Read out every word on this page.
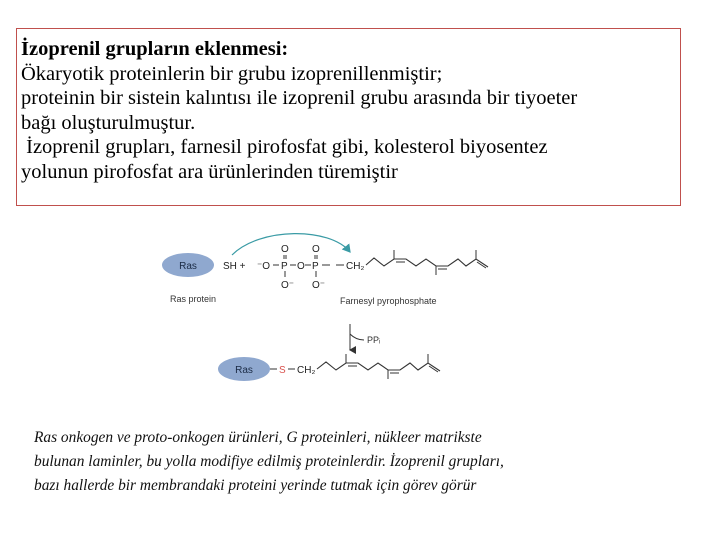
İzoprenil grupların eklenmesi:
Ökaryotik proteinlerin bir grubu izoprenillenmiştir;
proteinin bir sistein kalıntısı ile izoprenil grubu arasında bir tiyoeter
bağı oluşturulmuştur.
İzoprenil grupları, farnesil pirofosfat gibi, kolesterol biyosentez
yolunun pirofosfat ara ürünlerinden türemiştir
Ras	SH + ⁻O P
O
O⁻
O P
O
O⁻
CH₂
Ras protein	Farnesyl pyrophosphate
PPᵢ
Ras	S CH₂
Ras onkogen ve proto-onkogen ürünleri, G proteinleri, nükleer matrikste
bulunan laminler, bu yolla modifiye edilmiş proteinlerdir. İzoprenil grupları,
bazı hallerde bir membrandaki proteini yerinde tutmak için görev görür
